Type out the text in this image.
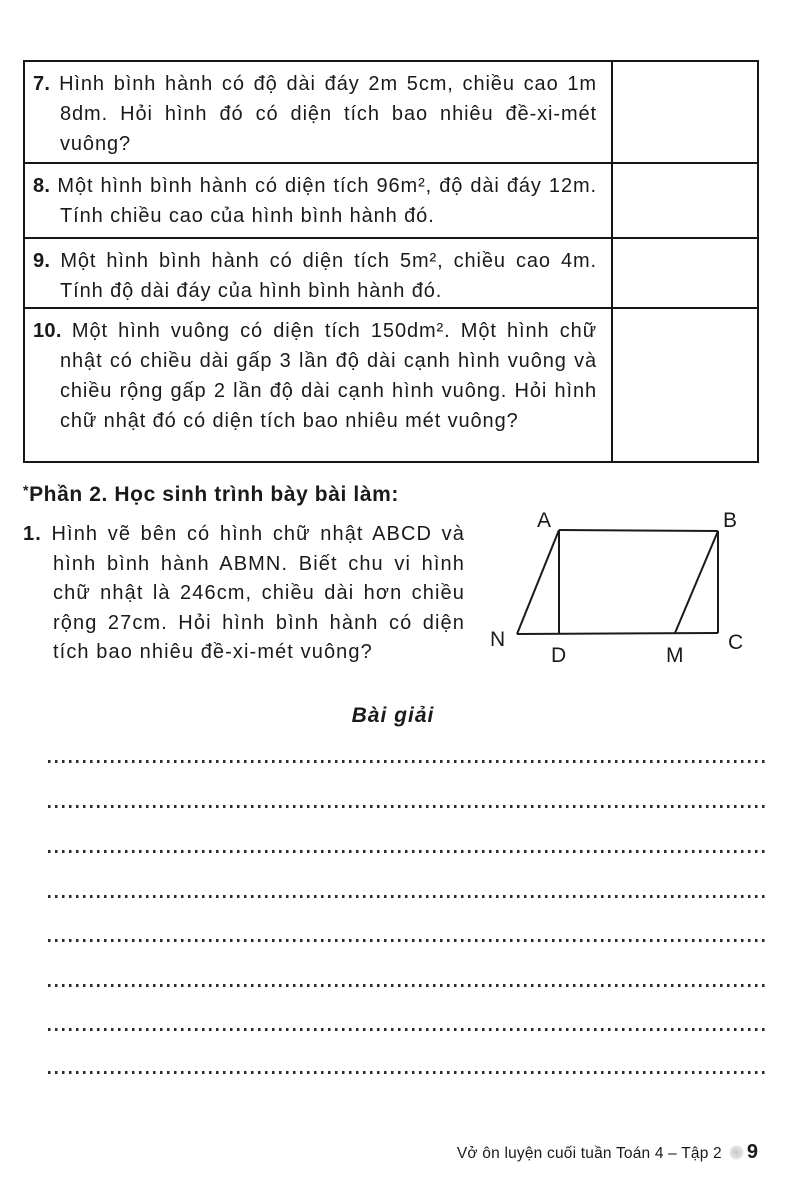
7. Hình bình hành có độ dài đáy 2m 5cm, chiều cao 1m 8dm. Hỏi hình đó có diện tích bao nhiêu đề-xi-mét vuông?

8. Một hình bình hành có diện tích 96m², độ dài đáy 12m. Tính chiều cao của hình bình hành đó.

9. Một hình bình hành có diện tích 5m², chiều cao 4m. Tính độ dài đáy của hình bình hành đó.

10. Một hình vuông có diện tích 150dm². Một hình chữ nhật có chiều dài gấp 3 lần độ dài cạnh hình vuông và chiều rộng gấp 2 lần độ dài cạnh hình vuông. Hỏi hình chữ nhật đó có diện tích bao nhiêu mét vuông?

*Phần 2. Học sinh trình bày bài làm:

1. Hình vẽ bên có hình chữ nhật ABCD và hình bình hành ABMN. Biết chu vi hình chữ nhật là 246cm, chiều dài hơn chiều rộng 27cm. Hỏi hình bình hành có diện tích bao nhiêu đề-xi-mét vuông?

A	B
N
D	M
C

Bài giải

Vở ôn luyện cuối tuần Toán 4 – Tập 2 9
